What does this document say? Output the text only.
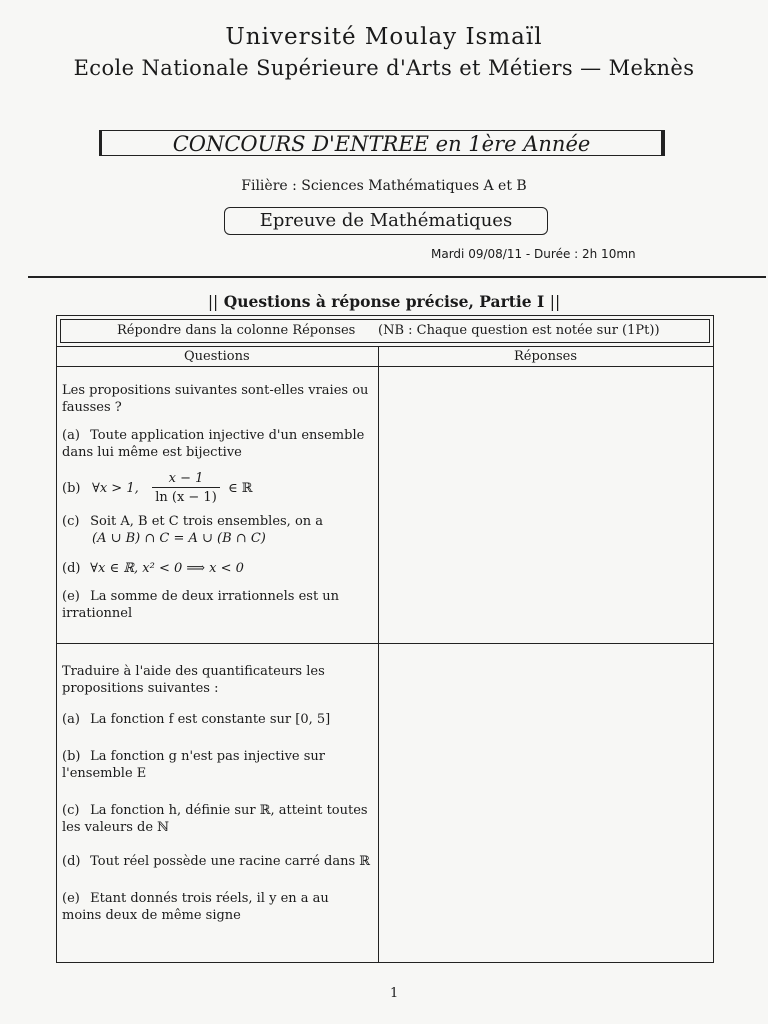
Université Moulay Ismaïl
Ecole Nationale Supérieure d'Arts et Métiers — Meknès
CONCOURS D'ENTREE en 1ère Année
Filière : Sciences Mathématiques A et B
Epreuve de Mathématiques
Mardi 09/08/11 - Durée : 2h 10mn
|| Questions à réponse précise, Partie I ||
Répondre dans la colonne Réponses (NB : Chaque question est notée sur (1Pt))
Questions	Réponses
Les propositions suivantes sont-elles vraies ou fausses ?
(a) Toute application injective d'un ensemble dans lui même est bijective
(b) ∀x > 1,
x − 1
ln (x − 1)
∈ ℝ
(c) Soit A, B et C trois ensembles, on a
(A ∪ B) ∩ C = A ∪ (B ∩ C)
(d) ∀x ∈ ℝ, x² < 0 ⟹ x < 0
(e) La somme de deux irrationnels est un irrationnel
Traduire à l'aide des quantificateurs les propositions suivantes :
(a) La fonction f est constante sur [0, 5]
(b) La fonction g n'est pas injective sur l'ensemble E
(c) La fonction h, définie sur ℝ, atteint toutes les valeurs de ℕ
(d) Tout réel possède une racine carré dans ℝ
(e) Etant donnés trois réels, il y en a au moins deux de même signe
1
